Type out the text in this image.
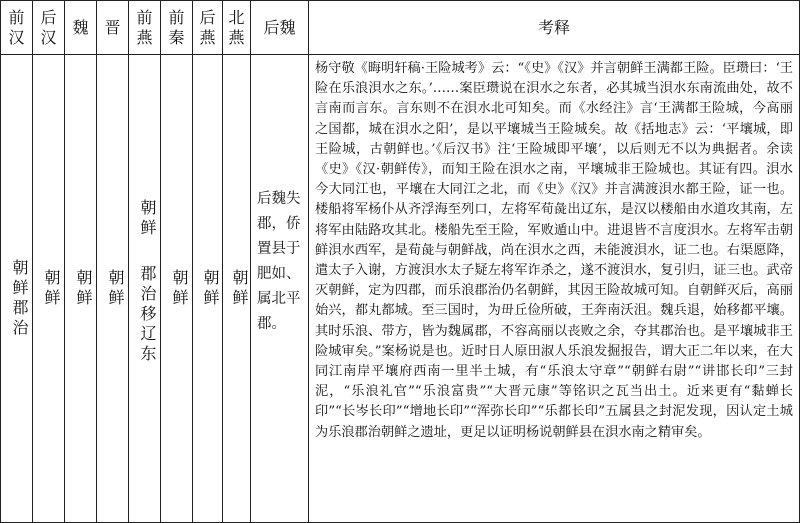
前
汉
朝鲜郡治
后
汉
朝鲜
魏
朝鲜
晋
朝鲜
前
燕
朝鲜
郡治移辽东
前
秦
朝鲜
后
燕
朝鲜
北
燕
朝鲜
后魏
后魏失郡，侨置县于肥如、属北平郡。
考释
杨守敬《晦明轩稿·王险城考》云：“《史》《汉》并言朝鲜王满都王险。臣瓒曰：‘王险在乐浪浿水之东。’……案臣瓒说在浿水之东者，必其城当浿水东南流曲处，故不言南而言东。言东则不在浿水北可知矣。而《水经注》言‘王满都王险城，今高丽之国都，城在浿水之阳’，是以平壤城当王险城矣。故《括地志》云：‘平壤城，即王险城，古朝鲜也。’《后汉书》注‘王险城即平壤’，以后则无不以为典据者。余读《史》《汉·朝鲜传》，而知王险在浿水之南，平壤城非王险城也。其证有四。浿水今大同江也，平壤在大同江之北，而《史》《汉》并言满渡浿水都王险，证一也。楼船将军杨仆从齐浮海至列口，左将军荀彘出辽东，是汉以楼船由水道攻其南，左将军由陆路攻其北。楼船先至王险，军败遁山中。进退皆不言度浿水。左将军击朝鲜浿水西军，是荀彘与朝鲜战，尚在浿水之西，未能渡浿水，证二也。右渠愿降，遣太子入谢，方渡浿水太子疑左将军诈杀之，遂不渡浿水，复引归，证三也。武帝灭朝鲜，定为四郡，而乐浪郡治仍名朝鲜，其因王险故城可知。自朝鲜灭后，高丽始兴，都丸都城。至三国时，为毌丘俭所破，王奔南沃沮。魏兵退，始移都平壤。其时乐浪、带方，皆为魏属郡，不容高丽以丧败之余，夺其郡治也。是平壤城非王险城审矣。”案杨说是也。近时日人原田淑人乐浪发掘报告，谓大正二年以来，在大同江南岸平壤府西南一里半土城，有“乐浪太守章”“朝鲜右尉”“讲邯长印”三封泥，“乐浪礼官”“乐浪富贵”“大晋元康”等铭识之瓦当出土。近来更有“黏蝉长印”“长岑长印”“增地长印”“浑弥长印”“乐都长印”五属县之封泥发现，因认定土城为乐浪郡治朝鲜之遗址，更足以证明杨说朝鲜县在浿水南之精审矣。
